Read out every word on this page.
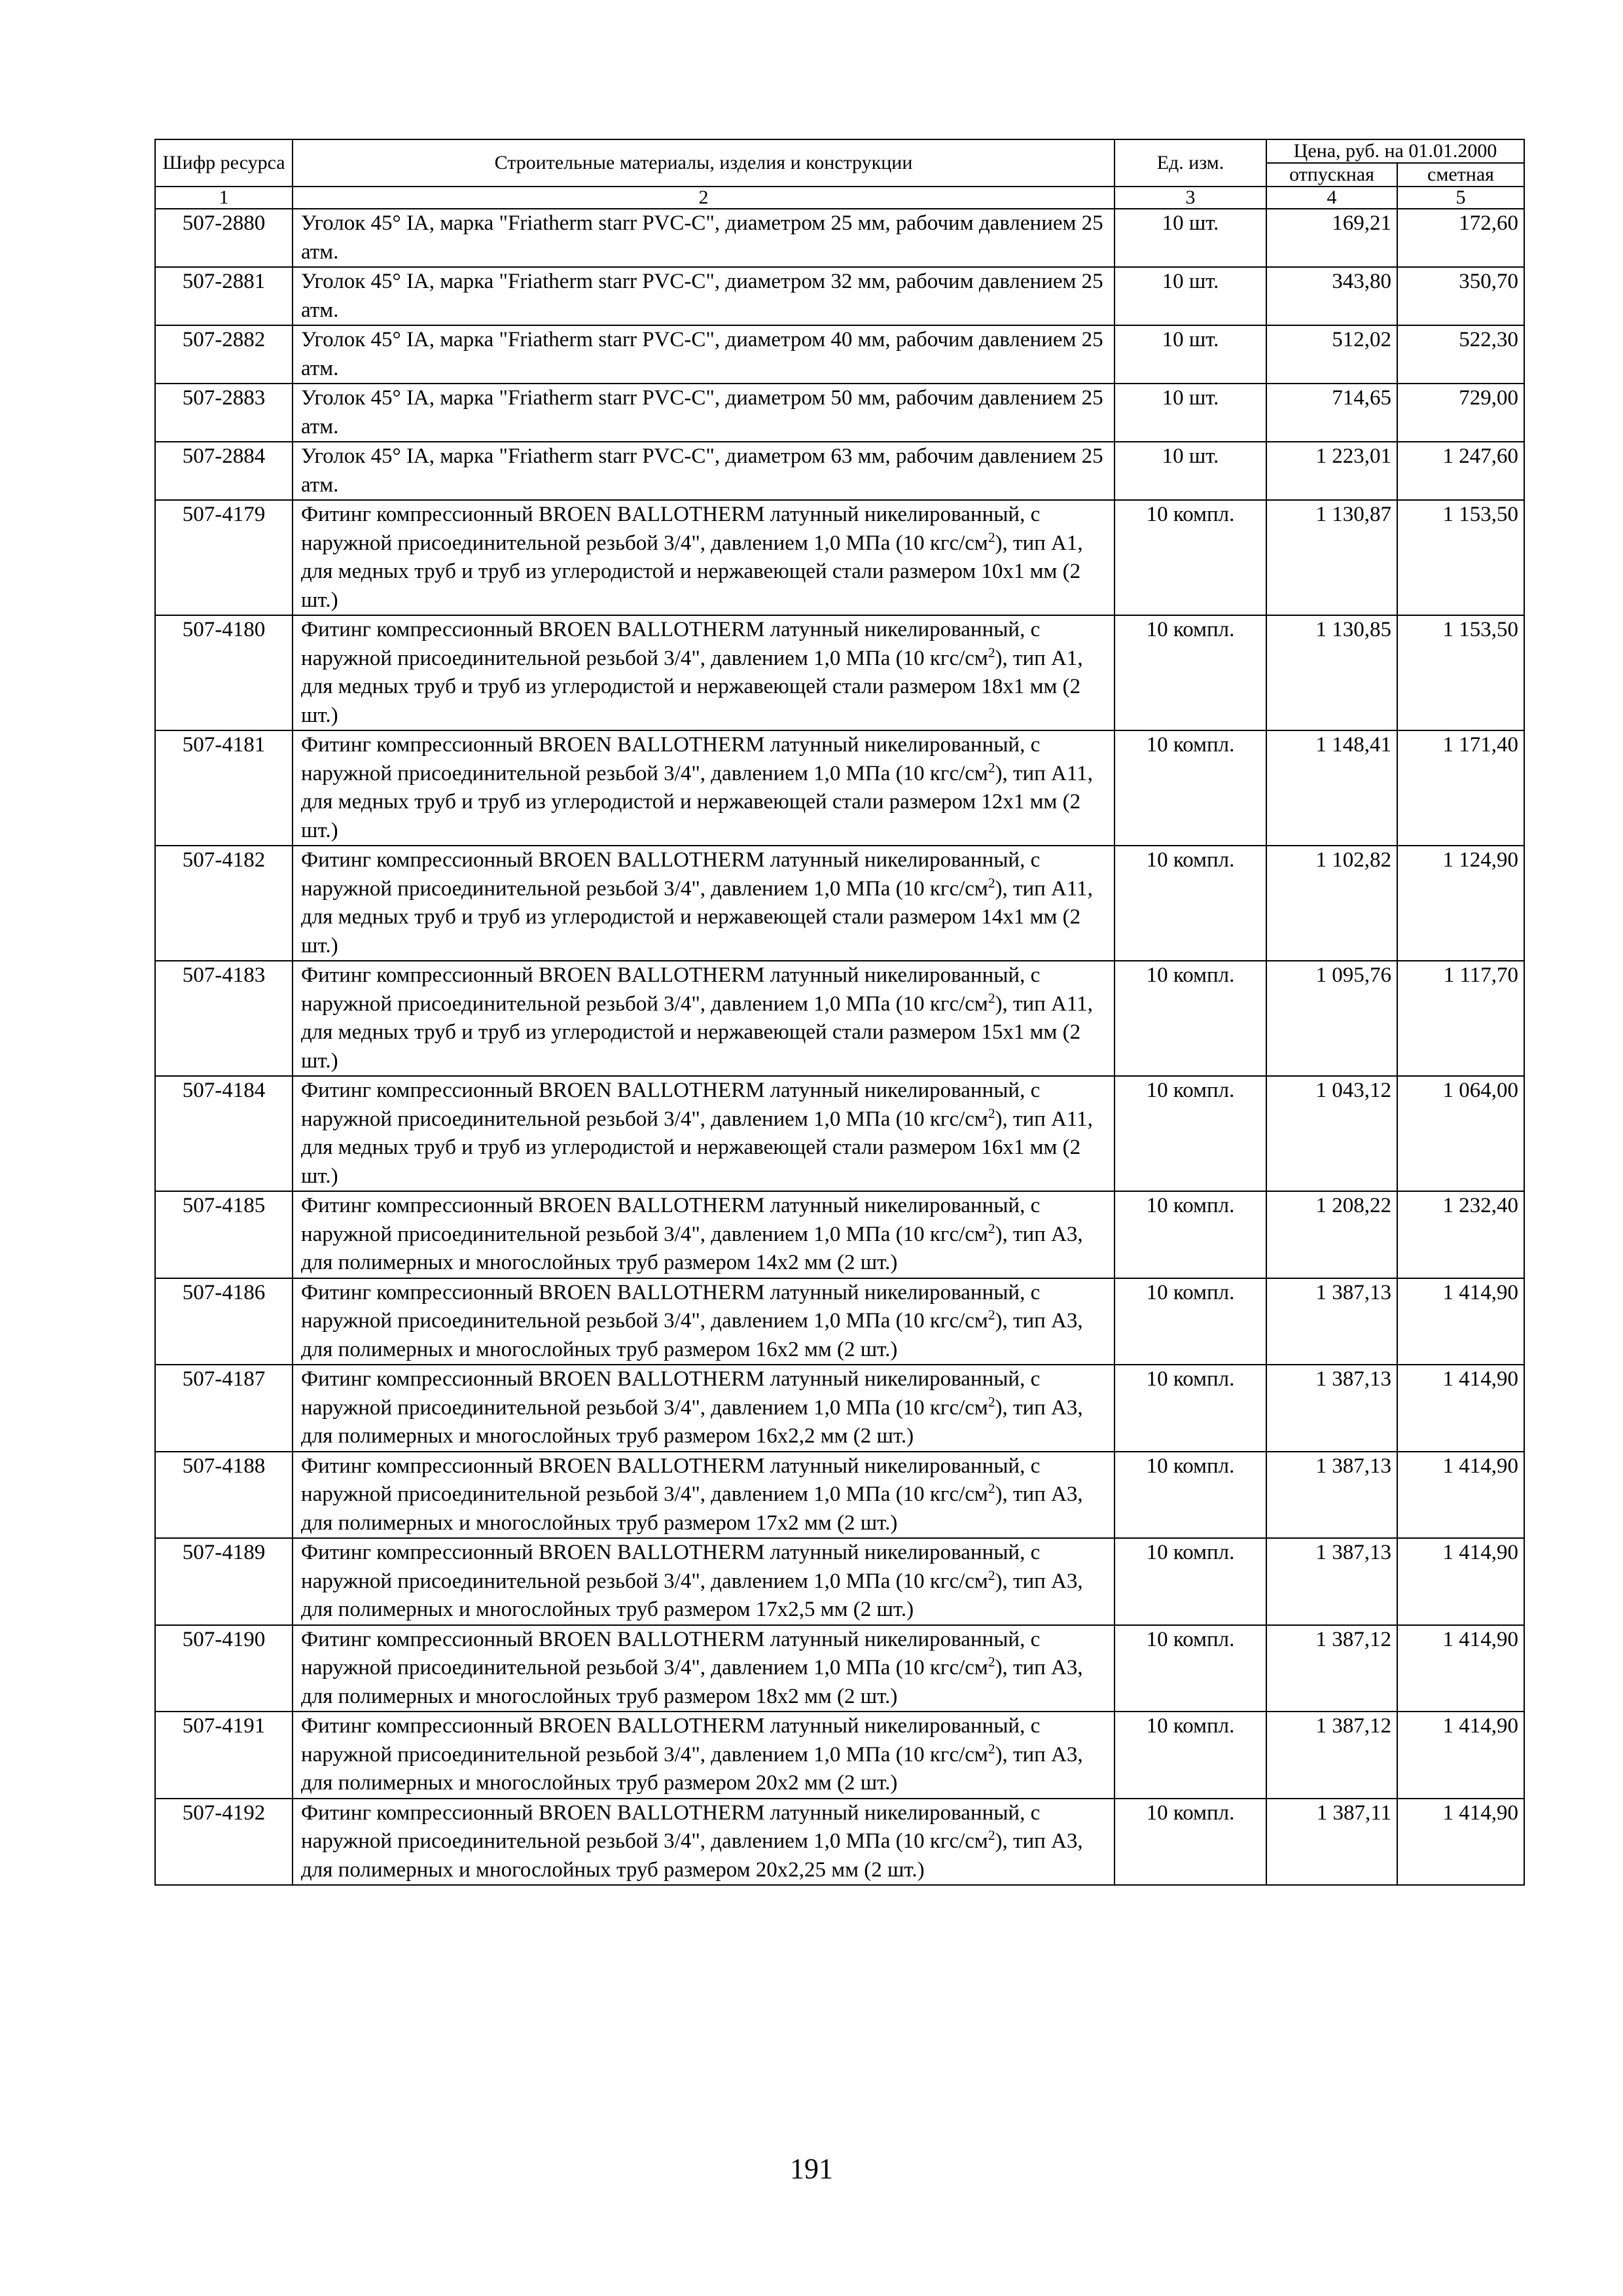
Шифр ресурса	Строительные материалы, изделия и конструкции	Ед. изм.	Цена, руб. на 01.01.2000	
			отпускная	сметная
1	2	3	4	5
507-2880	Уголок 45° IA, марка "Friatherm starr PVC-C", диаметром 25 мм, рабочим давлением 25 атм.	10 шт.	169,21	172,60
507-2881	Уголок 45° IA, марка "Friatherm starr PVC-C", диаметром 32 мм, рабочим давлением 25 атм.	10 шт.	343,80	350,70
507-2882	Уголок 45° IA, марка "Friatherm starr PVC-C", диаметром 40 мм, рабочим давлением 25 атм.	10 шт.	512,02	522,30
507-2883	Уголок 45° IA, марка "Friatherm starr PVC-C", диаметром 50 мм, рабочим давлением 25 атм.	10 шт.	714,65	729,00
507-2884	Уголок 45° IA, марка "Friatherm starr PVC-C", диаметром 63 мм, рабочим давлением 25 атм.	10 шт.	1 223,01	1 247,60
507-4179	Фитинг компрессионный BROEN BALLOTHERM латунный никелированный, с наружной присоединительной резьбой 3/4", давлением 1,0 МПа (10 кгс/$см^2$), тип А1, для медных труб и труб из углеродистой и нержавеющей стали размером 10х1 мм (2 шт.)	10 компл.	1 130,87	1 153,50
507-4180	Фитинг компрессионный BROEN BALLOTHERM латунный никелированный, с наружной присоединительной резьбой 3/4", давлением 1,0 МПа (10 кгс/$см^2$), тип А1, для медных труб и труб из углеродистой и нержавеющей стали размером 18х1 мм (2 шт.)	10 компл.	1 130,85	1 153,50
507-4181	Фитинг компрессионный BROEN BALLOTHERM латунный никелированный, с наружной присоединительной резьбой 3/4", давлением 1,0 МПа (10 кгс/$см^2$), тип А11, для медных труб и труб из углеродистой и нержавеющей стали размером 12х1 мм (2 шт.)	10 компл.	1 148,41	1 171,40
507-4182	Фитинг компрессионный BROEN BALLOTHERM латунный никелированный, с наружной присоединительной резьбой 3/4", давлением 1,0 МПа (10 кгс/$см^2$), тип А11, для медных труб и труб из углеродистой и нержавеющей стали размером 14х1 мм (2 шт.)	10 компл.	1 102,82	1 124,90
507-4183	Фитинг компрессионный BROEN BALLOTHERM латунный никелированный, с наружной присоединительной резьбой 3/4", давлением 1,0 МПа (10 кгс/$см^2$), тип А11, для медных труб и труб из углеродистой и нержавеющей стали размером 15х1 мм (2 шт.)	10 компл.	1 095,76	1 117,70
507-4184	Фитинг компрессионный BROEN BALLOTHERM латунный никелированный, с наружной присоединительной резьбой 3/4", давлением 1,0 МПа (10 кгс/$см^2$), тип А11, для медных труб и труб из углеродистой и нержавеющей стали размером 16х1 мм (2 шт.)	10 компл.	1 043,12	1 064,00
507-4185	Фитинг компрессионный BROEN BALLOTHERM латунный никелированный, с наружной присоединительной резьбой 3/4", давлением 1,0 МПа (10 кгс/$см^2$), тип А3, для полимерных и многослойных труб размером 14х2 мм (2 шт.)	10 компл.	1 208,22	1 232,40
507-4186	Фитинг компрессионный BROEN BALLOTHERM латунный никелированный, с наружной присоединительной резьбой 3/4", давлением 1,0 МПа (10 кгс/$см^2$), тип А3, для полимерных и многослойных труб размером 16х2 мм (2 шт.)	10 компл.	1 387,13	1 414,90
507-4187	Фитинг компрессионный BROEN BALLOTHERM латунный никелированный, с наружной присоединительной резьбой 3/4", давлением 1,0 МПа (10 кгс/$см^2$), тип А3, для полимерных и многослойных труб размером 16х2,2 мм (2 шт.)	10 компл.	1 387,13	1 414,90
507-4188	Фитинг компрессионный BROEN BALLOTHERM латунный никелированный, с наружной присоединительной резьбой 3/4", давлением 1,0 МПа (10 кгс/$см^2$), тип А3, для полимерных и многослойных труб размером 17х2 мм (2 шт.)	10 компл.	1 387,13	1 414,90
507-4189	Фитинг компрессионный BROEN BALLOTHERM латунный никелированный, с наружной присоединительной резьбой 3/4", давлением 1,0 МПа (10 кгс/$см^2$), тип А3, для полимерных и многослойных труб размером 17х2,5 мм (2 шт.)	10 компл.	1 387,13	1 414,90
507-4190	Фитинг компрессионный BROEN BALLOTHERM латунный никелированный, с наружной присоединительной резьбой 3/4", давлением 1,0 МПа (10 кгс/$см^2$), тип А3, для полимерных и многослойных труб размером 18х2 мм (2 шт.)	10 компл.	1 387,12	1 414,90
507-4191	Фитинг компрессионный BROEN BALLOTHERM латунный никелированный, с наружной присоединительной резьбой 3/4", давлением 1,0 МПа (10 кгс/$см^2$), тип А3, для полимерных и многослойных труб размером 20х2 мм (2 шт.)	10 компл.	1 387,12	1 414,90
507-4192	Фитинг компрессионный BROEN BALLOTHERM латунный никелированный, с наружной присоединительной резьбой 3/4", давлением 1,0 МПа (10 кгс/$см^2$), тип А3, для полимерных и многослойных труб размером 20х2,25 мм (2 шт.)	10 компл.	1 387,11	1 414,90
191
